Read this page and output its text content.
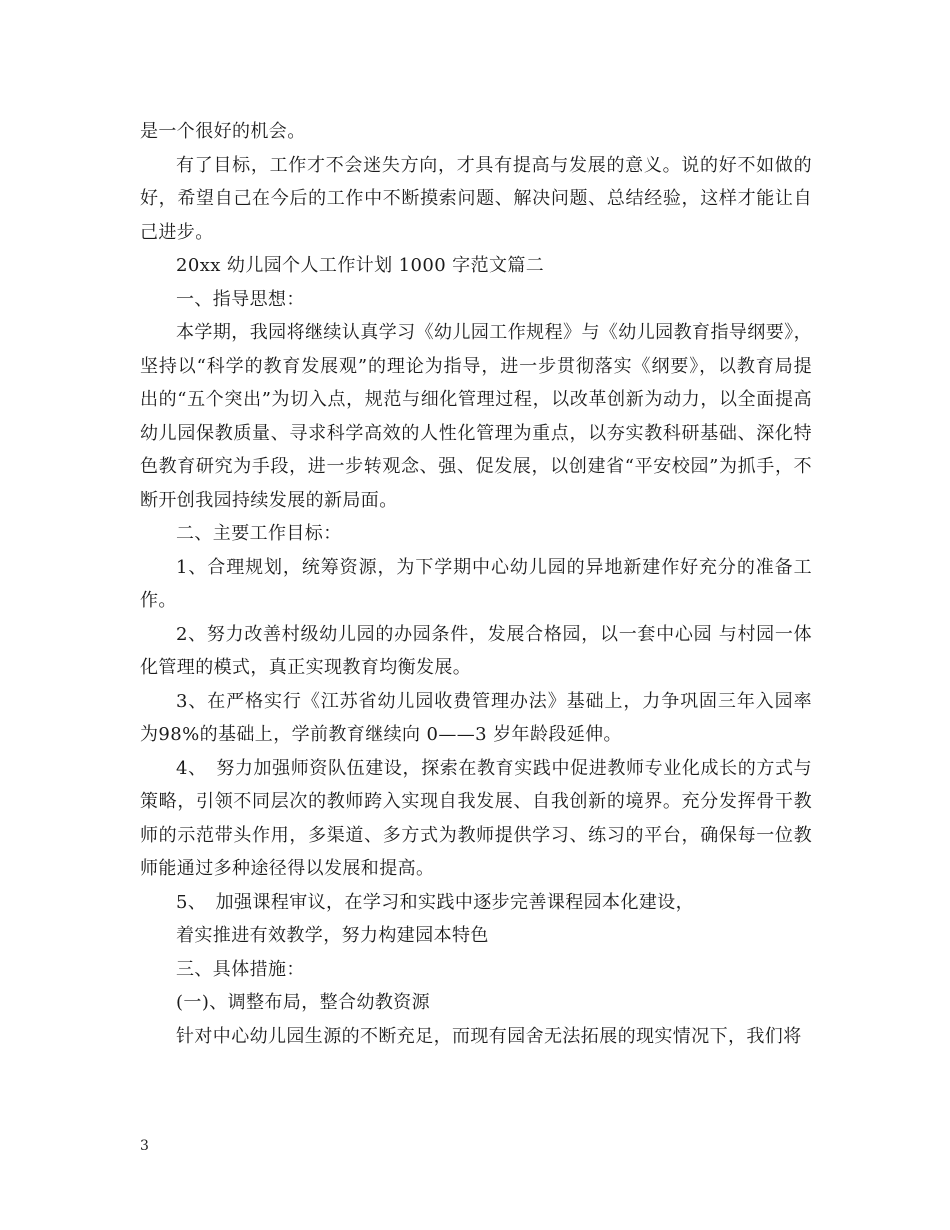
是一个很好的机会。

有了目标，工作才不会迷失方向，才具有提高与发展的意义。说的好不如做的好，希望自己在今后的工作中不断摸索问题、解决问题、总结经验，这样才能让自己进步。

20xx 幼儿园个人工作计划 1000 字范文篇二

一、指导思想：

本学期，我园将继续认真学习《幼儿园工作规程》与《幼儿园教育指导纲要》，坚持以“科学的教育发展观”的理论为指导，进一步贯彻落实《纲要》，以教育局提出的“五个突出”为切入点，规范与细化管理过程，以改革创新为动力，以全面提高幼儿园保教质量、寻求科学高效的人性化管理为重点，以夯实教科研基础、深化特色教育研究为手段，进一步转观念、强、促发展，以创建省“平安校园”为抓手，不断开创我园持续发展的新局面。

二、主要工作目标：

1、合理规划，统筹资源，为下学期中心幼儿园的异地新建作好充分的准备工作。

2、努力改善村级幼儿园的办园条件，发展合格园，以一套中心园 与村园一体化管理的模式，真正实现教育均衡发展。

3、在严格实行《江苏省幼儿园收费管理办法》基础上，力争巩固三年入园率为98%的基础上，学前教育继续向 0——3 岁年龄段延伸。

4、　努力加强师资队伍建设，探索在教育实践中促进教师专业化成长的方式与策略，引领不同层次的教师跨入实现自我发展、自我创新的境界。充分发挥骨干教师的示范带头作用，多渠道、多方式为教师提供学习、练习的平台，确保每一位教师能通过多种途径得以发展和提高。

5、　加强课程审议，在学习和实践中逐步完善课程园本化建设，

着实推进有效教学，努力构建园本特色

三、具体措施：

(一)、调整布局，整合幼教资源

针对中心幼儿园生源的不断充足，而现有园舍无法拓展的现实情况下，我们将

3
